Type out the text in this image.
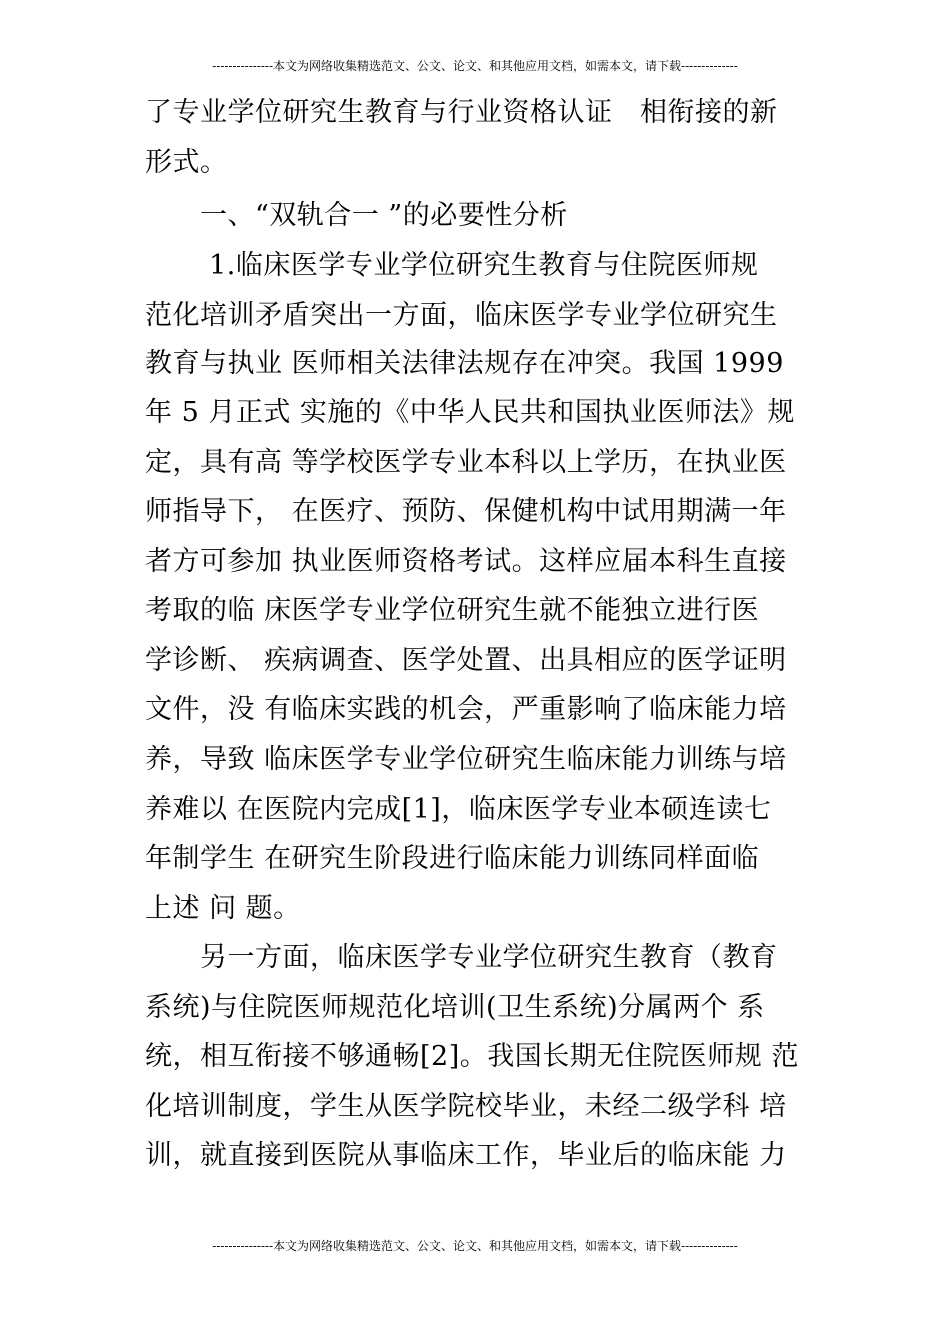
---------------本文为网络收集精选范文、公文、论文、和其他应用文档，如需本文，请下载--------------
了专业学位研究生教育与行业资格认证　相衔接的新
形式。
　　一、“双轨合一 ”的必要性分析
　　 1.临床医学专业学位研究生教育与住院医师规
范化培训矛盾突出一方面，临床医学专业学位研究生
教育与执业 医师相关法律法规存在冲突。我国 1999
年 5 月正式 实施的《中华人民共和国执业医师法》规
定，具有高 等学校医学专业本科以上学历，在执业医
师指导下， 在医疗、预防、保健机构中试用期满一年
者方可参加 执业医师资格考试。这样应届本科生直接
考取的临 床医学专业学位研究生就不能独立进行医
学诊断、 疾病调查、医学处置、出具相应的医学证明
文件，没 有临床实践的机会，严重影响了临床能力培
养，导致 临床医学专业学位研究生临床能力训练与培
养难以 在医院内完成[1]，临床医学专业本硕连读七
年制学生 在研究生阶段进行临床能力训练同样面临
上述 问 题。
　　另一方面，临床医学专业学位研究生教育（教育
系统)与住院医师规范化培训(卫生系统)分属两个 系
统，相互衔接不够通畅[2]。我国长期无住院医师规 范
化培训制度，学生从医学院校毕业，未经二级学科 培
训，就直接到医院从事临床工作，毕业后的临床能 力
---------------本文为网络收集精选范文、公文、论文、和其他应用文档，如需本文，请下载--------------
